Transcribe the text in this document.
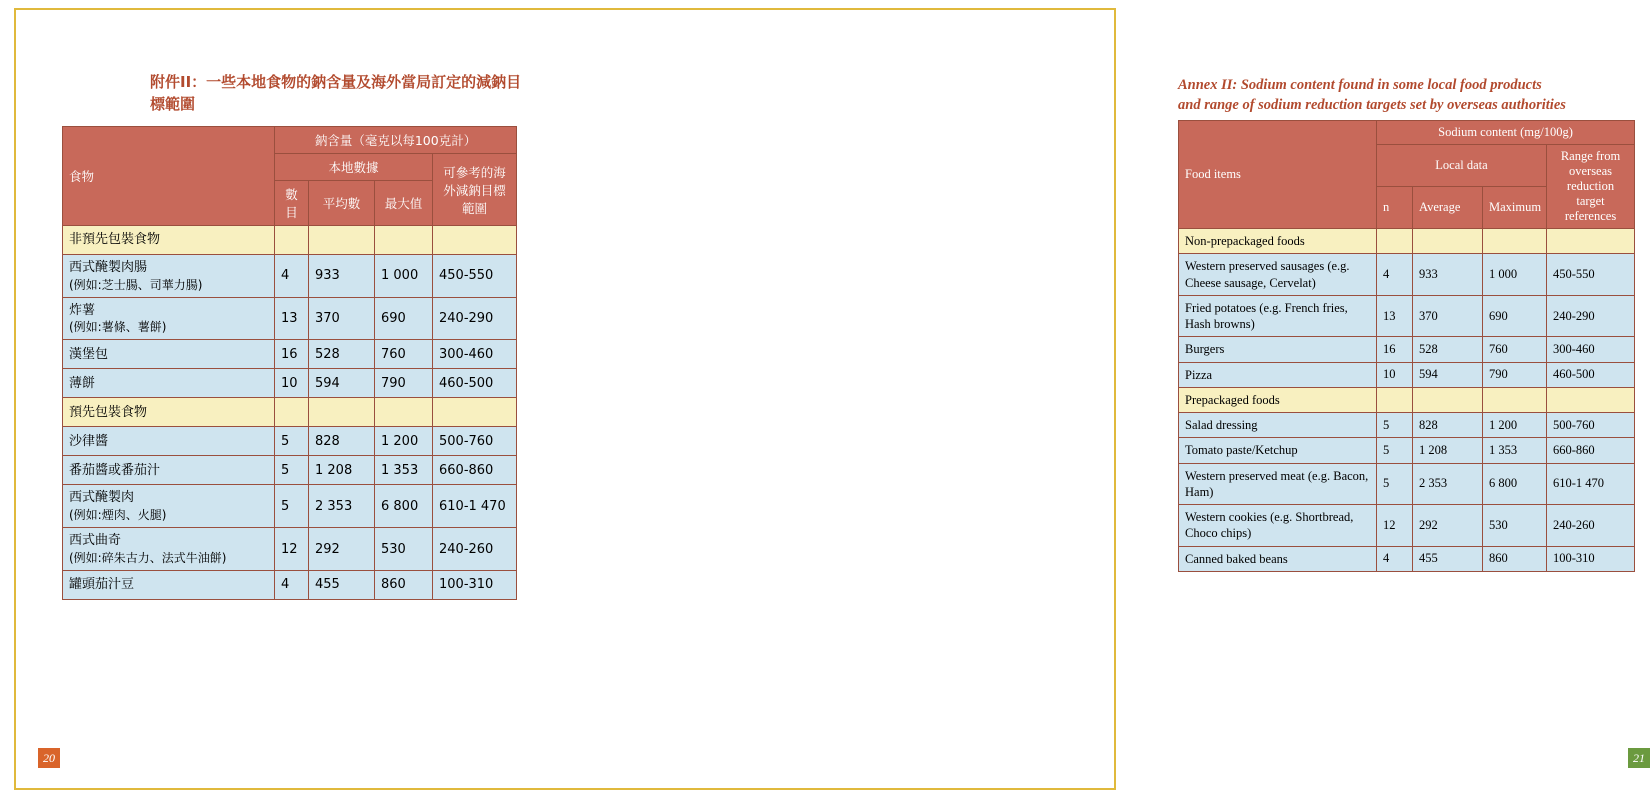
附件II：一些本地食物的鈉含量及海外當局訂定的減鈉目標範圍
食物	鈉含量（毫克以每100克計）			
	本地數據			可參考的海外減鈉目標範圍
	數目	平均數	最大值	
非預先包裝食物				

西式醃製肉腸
(例如:芝士腸、司華力腸)	4	933	1 000	450-550

炸薯
(例如:薯條、薯餅)	13	370	690	240-290
漢堡包	16	528	760	300-460
薄餅	10	594	790	460-500
預先包裝食物				
沙律醬	5	828	1 200	500-760
番茄醬或番茄汁	5	1 208	1 353	660-860

西式醃製肉
(例如:煙肉、火腿)	5	2 353	6 800	610-1 470

西式曲奇
(例如:碎朱古力、法式牛油餅)	12	292	530	240-260
罐頭茄汁豆	4	455	860	100-310
20
Annex II: Sodium content found in some local food products
and range of sodium reduction targets set by overseas authorities
Food items	Sodium content (mg/100g)			
	Local data			Range from overseas reduction target references
	n	Average	Maximum	
Non-prepackaged foods				
Western preserved sausages (e.g. Cheese sausage, Cervelat)	4	933	1 000	450-550
Fried potatoes (e.g. French fries, Hash browns)	13	370	690	240-290
Burgers	16	528	760	300-460
Pizza	10	594	790	460-500
Prepackaged foods				
Salad dressing	5	828	1 200	500-760
Tomato paste/Ketchup	5	1 208	1 353	660-860
Western preserved meat (e.g. Bacon, Ham)	5	2 353	6 800	610-1 470
Western cookies (e.g. Shortbread, Choco chips)	12	292	530	240-260
Canned baked beans	4	455	860	100-310
21
